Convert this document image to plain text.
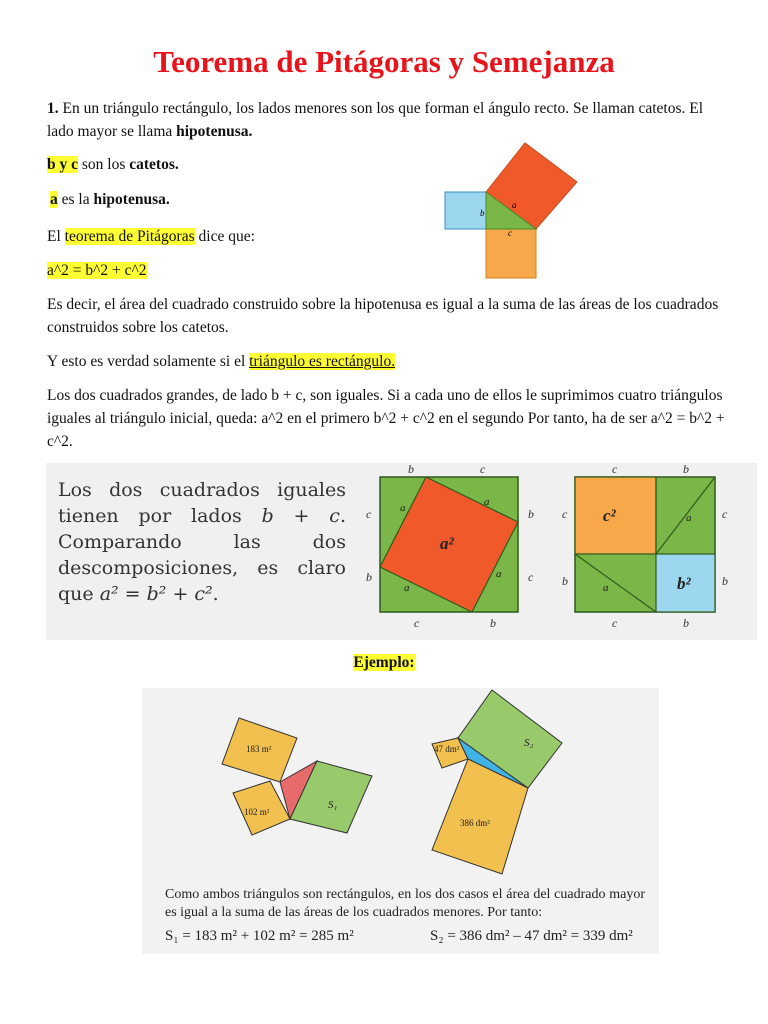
Teorema de Pitágoras y Semejanza
1. En un triángulo rectángulo, los lados menores son los que forman el ángulo recto. Se llaman catetos. El lado mayor se llama hipotenusa.
b y c son los catetos.
a es la hipotenusa.
El teorema de Pitágoras dice que:
a^2 = b^2 + c^2
Es decir, el área del cuadrado construido sobre la hipotenusa es igual a la suma de las áreas de los cuadrados construidos sobre los catetos.
Y esto es verdad solamente si el triángulo es rectángulo.
Los dos cuadrados grandes, de lado b + c, son iguales. Si a cada uno de ellos le suprimimos cuatro triángulos iguales al triángulo inicial, queda: a^2 en el primero b^2 + c^2 en el segundo Por tanto, ha de ser a^2 = b^2 + c^2.
b
a
c
Los dos cuadrados iguales tienen por lados b + c. Comparando las dos descomposiciones, es claro que a² = b² + c².
a²
b	c
c
b
b
c
c	b
a	a
a
a
c²
b²
c	b
c
b
c
b
c	b
a
a
Ejemplo:
183 m²
102 m²
S₁
47 dm²
386 dm²
S₂
Como ambos triángulos son rectángulos, en los dos casos el área del cuadrado mayor es igual a la suma de las áreas de los cuadrados menores. Por tanto:
S₁ = 183 m² + 102 m² = 285 m²	S₂ = 386 dm² – 47 dm² = 339 dm²
